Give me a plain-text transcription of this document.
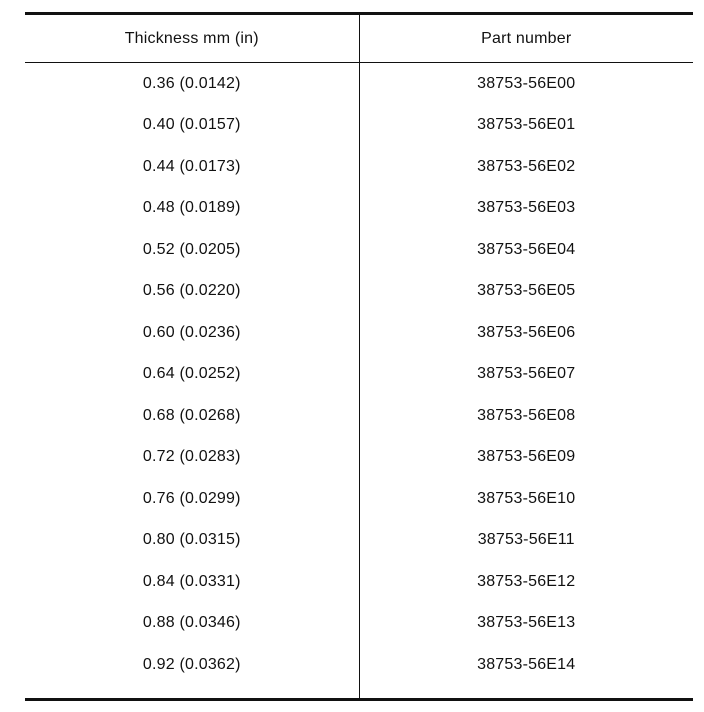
Thickness mm (in)	Part number
0.36 (0.0142)	38753-56E00
0.40 (0.0157)	38753-56E01
0.44 (0.0173)	38753-56E02
0.48 (0.0189)	38753-56E03
0.52 (0.0205)	38753-56E04
0.56 (0.0220)	38753-56E05
0.60 (0.0236)	38753-56E06
0.64 (0.0252)	38753-56E07
0.68 (0.0268)	38753-56E08
0.72 (0.0283)	38753-56E09
0.76 (0.0299)	38753-56E10
0.80 (0.0315)	38753-56E11
0.84 (0.0331)	38753-56E12
0.88 (0.0346)	38753-56E13
0.92 (0.0362)	38753-56E14
